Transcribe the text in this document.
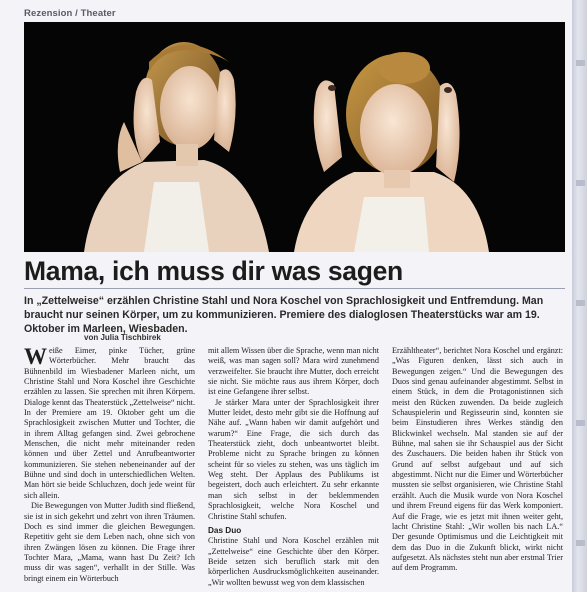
Rezension / Theater
Mama, ich muss dir was sagen

In „Zettelweise“ erzählen Christine Stahl und Nora Koschel von Sprachlosigkeit und Entfremdung. Man braucht nur seinen Körper, um zu kommunizieren. Premiere des dialoglosen Theaterstücks war am 19. Oktober im Marleen, Wiesbaden.

von Julia Tischbirek

Weiße Eimer, pinke Tücher, grüne Wörterbücher. Mehr braucht das Bühnenbild im Wiesbadener Marleen nicht, um Christine Stahl und Nora Koschel ihre Geschichte erzählen zu lassen. Sie sprechen mit ihren Körpern. Dialoge kennt das Theaterstück „Zettelweise“ nicht. In der Premiere am 19. Oktober geht um die Sprachlosigkeit zwischen Mutter und Tochter, die in ihrem Alltag gefangen sind. Zwei gebrochene Menschen, die nicht mehr miteinander reden können und über Zettel und Anrufbeantworter kommunizieren. Sie stehen nebeneinander auf der Bühne und sind doch in unterschiedlichen Welten. Man hört sie beide Schluchzen, doch jede weint für sich allein.

Die Bewegungen von Mutter Judith sind fließend, sie ist in sich gekehrt und zehrt von ihren Träumen. Doch es sind immer die gleichen Bewegungen. Repetitiv geht sie dem Leben nach, ohne sich von ihren Zwängen lösen zu können. Die Frage ihrer Tochter Mara, „Mama, wann hast Du Zeit? Ich muss dir was sagen“, verhallt in der Stille. Was bringt einem ein Wörterbuch

mit allem Wissen über die Sprache, wenn man nicht weiß, was man sagen soll? Mara wird zunehmend verzweifelter. Sie braucht ihre Mutter, doch erreicht sie nicht. Sie möchte raus aus ihrem Körper, doch ist eine Gefangene ihrer selbst.

Je stärker Mara unter der Sprachlosigkeit ihrer Mutter leidet, desto mehr gibt sie die Hoffnung auf Nähe auf. „Wann haben wir damit aufgehört und warum?“ Eine Frage, die sich durch das Theaterstück zieht, doch unbeantwortet bleibt. Probleme nicht zu Sprache bringen zu können scheint für so vieles zu stehen, was uns täglich im Weg steht. Der Applaus des Publikums ist begeistert, doch auch erleichtert. Zu sehr erkannte man sich selbst in der beklemmenden Sprachlosigkeit, welche Nora Koschel und Christine Stahl schufen.

Das Duo

Christine Stahl und Nora Koschel erzählen mit „Zettelweise“ eine Geschichte über den Körper. Beide setzen sich beruflich stark mit den körperlichen Ausdrucksmöglichkeiten auseinander. „Wir wollten bewusst weg von dem klassischen

Erzähltheater“, berichtet Nora Koschel und ergänzt: „Was Figuren denken, lässt sich auch in Bewegungen zeigen.“ Und die Bewegungen des Duos sind genau aufeinander abgestimmt. Selbst in einem Stück, in dem die Protagonistinnen sich meist den Rücken zuwenden. Da beide zugleich Schauspielerin und Regisseurin sind, konnten sie beim Einstudieren ihres Werkes ständig den Blickwinkel wechseln. Mal standen sie auf der Bühne, mal sahen sie ihr Schauspiel aus der Sicht des Zuschauers. Die beiden haben ihr Stück von Grund auf selbst aufgebaut und auf sich abgestimmt. Nicht nur die Eimer und Wörterbücher mussten sie selbst organisieren, wie Christine Stahl erzählt. Auch die Musik wurde von Nora Koschel und ihrem Freund eigens für das Werk komponiert. Auf die Frage, wie es jetzt mit ihnen weiter geht, lacht Christine Stahl: „Wir wollen bis nach LA.“ Der gesunde Optimismus und die Leichtigkeit mit dem das Duo in die Zukunft blickt, wirkt nicht aufgesetzt. Als nächstes steht nun aber erstmal Trier auf dem Programm.
